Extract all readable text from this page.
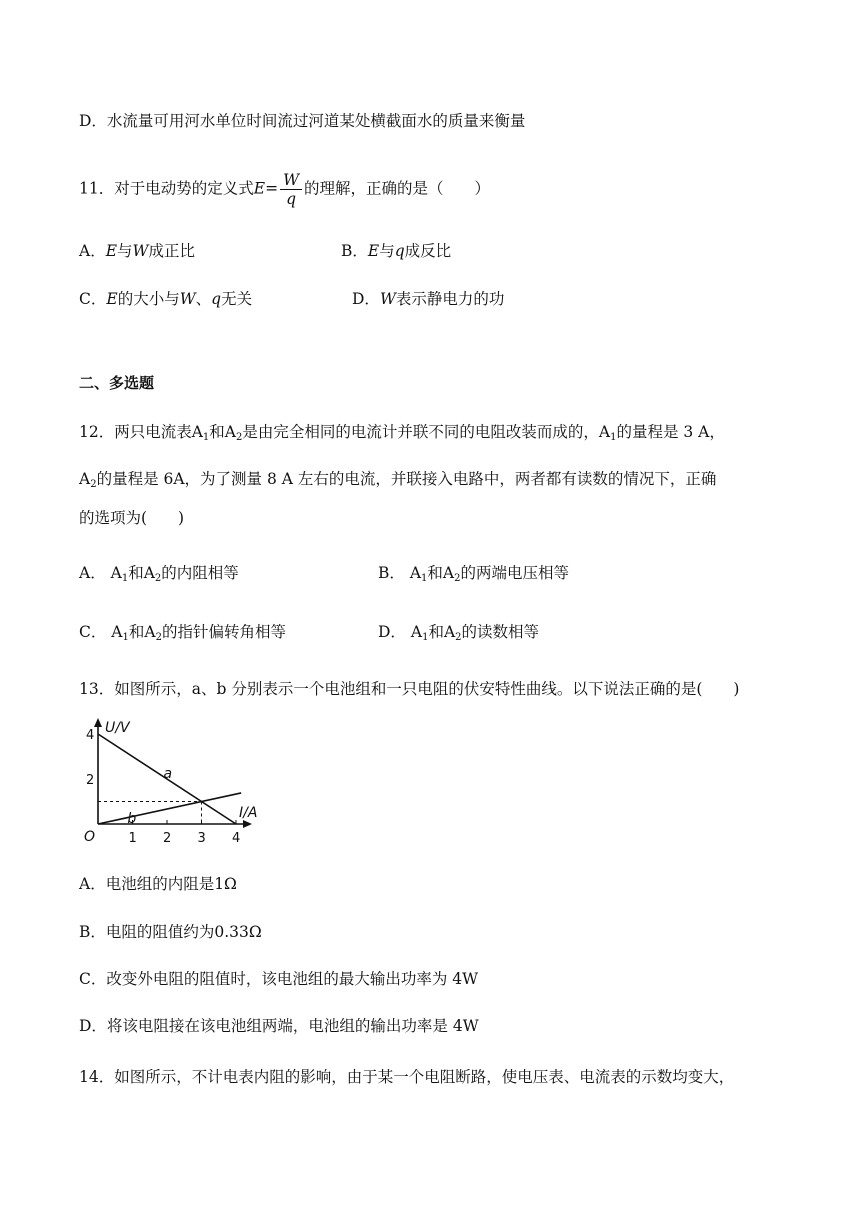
D．水流量可用河水单位时间流过河道某处横截面水的质量来衡量
11．对于电动势的定义式$E= \frac{W}{q}$ 的理解，正确的是（　　）
A．E与W成正比	B．E与q成反比
C．E的大小与W、q无关	D．W表示静电力的功
二、多选题
12．两只电流表$A_1$和$A_2$是由完全相同的电流计并联不同的电阻改装而成的，$A_1$的量程是 3 A，
$A_2$的量程是 6A，为了测量 8 A 左右的电流，并联接入电路中，两者都有读数的情况下，正确
的选项为(　　)
A． $A_1$和$A_2$的内阻相等	B． $A_1$和$A_2$的两端电压相等
C． $A_1$和$A_2$的指针偏转角相等	D． $A_1$和$A_2$的读数相等
13．如图所示，a、b 分别表示一个电池组和一只电阻的伏安特性曲线。以下说法正确的是(　　)
a
b
1 2 3 4
4
2
U/V
I/A
O
A．电池组的内阻是1Ω
B．电阻的阻值约为0.33Ω
C．改变外电阻的阻值时，该电池组的最大输出功率为 4W
D．将该电阻接在该电池组两端，电池组的输出功率是 4W
14．如图所示，不计电表内阻的影响，由于某一个电阻断路，使电压表、电流表的示数均变大，
